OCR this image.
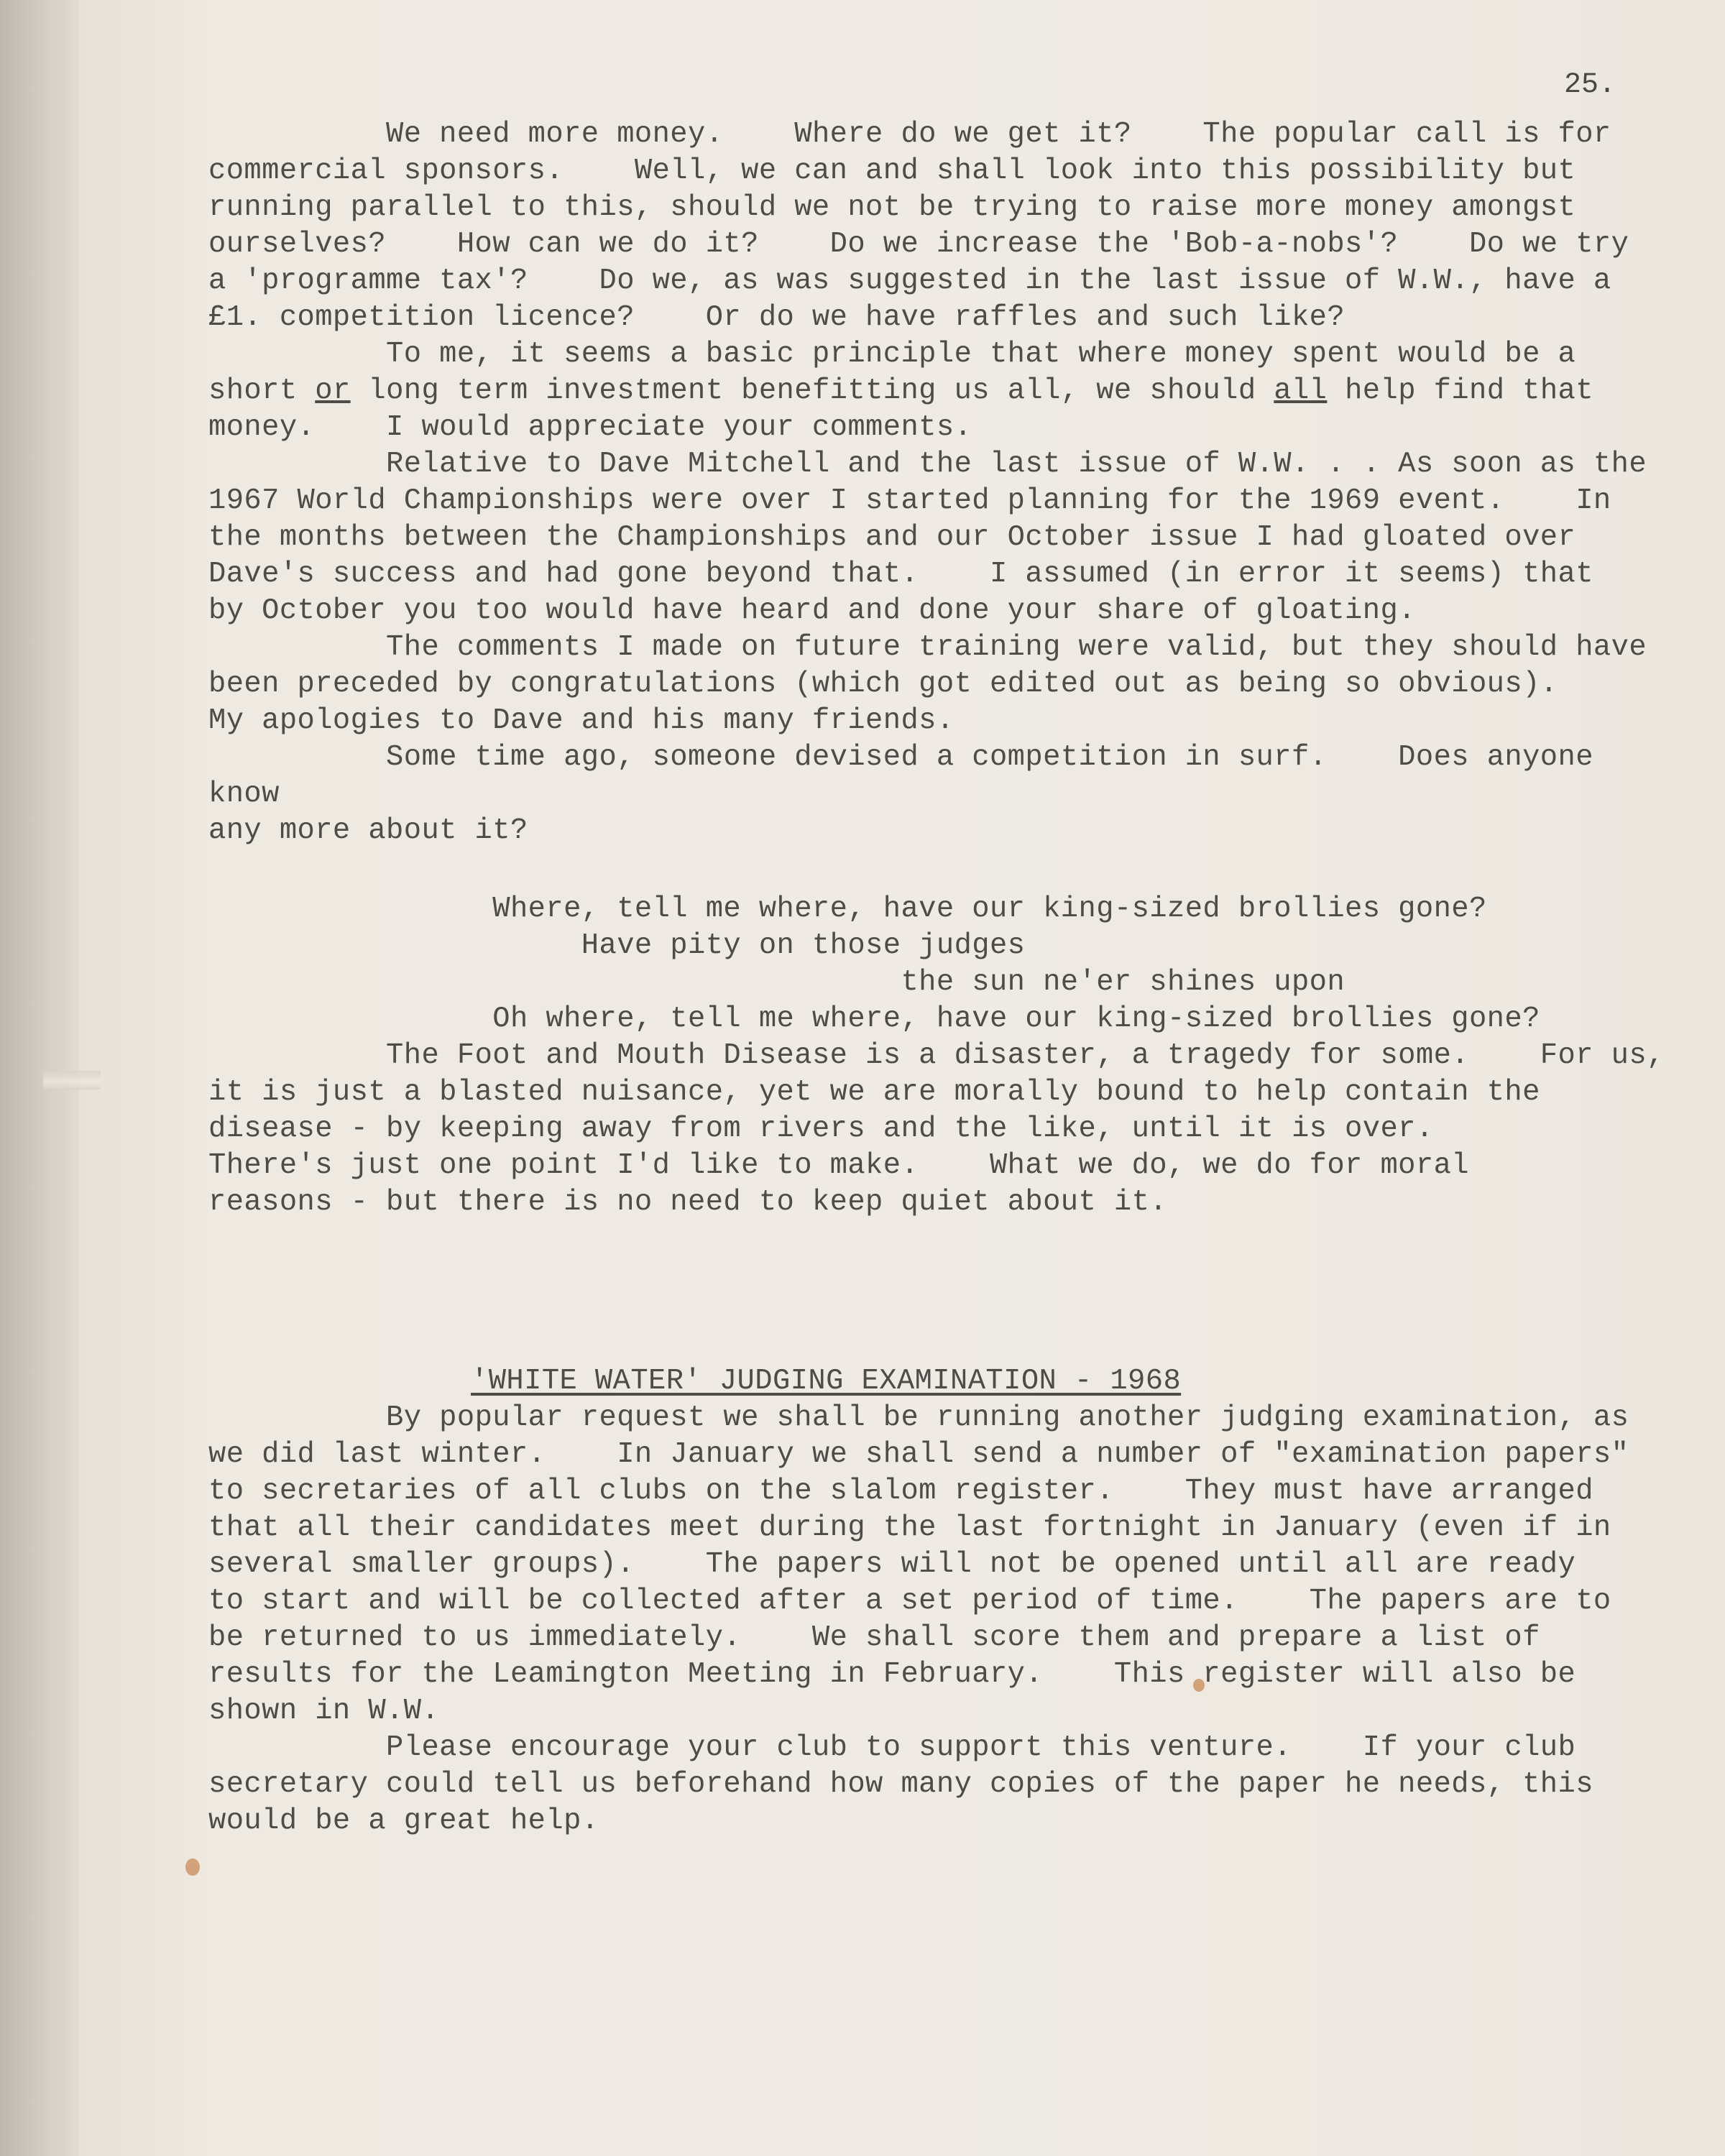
25.

We need more money.    Where do we get it?    The popular call is for
commercial sponsors.    Well, we can and shall look into this possibility but
running parallel to this, should we not be trying to raise more money amongst
ourselves?    How can we do it?    Do we increase the 'Bob-a-nobs'?    Do we try
a 'programme tax'?    Do we, as was suggested in the last issue of W.W., have a
£1. competition licence?    Or do we have raffles and such like?

To me, it seems a basic principle that where money spent would be a
short or long term investment benefitting us all, we should all help find that
money.    I would appreciate your comments.

Relative to Dave Mitchell and the last issue of W.W. . . As soon as the
1967 World Championships were over I started planning for the 1969 event.    In
the months between the Championships and our October issue I had gloated over
Dave's success and had gone beyond that.    I assumed (in error it seems) that
by October you too would have heard and done your share of gloating.

The comments I made on future training were valid, but they should have
been preceded by congratulations (which got edited out as being so obvious).
My apologies to Dave and his many friends.

Some time ago, someone devised a competition in surf.    Does anyone know
any more about it?

Where, tell me where, have our king-sized brollies gone?
Have pity on those judges
the sun ne'er shines upon
Oh where, tell me where, have our king-sized brollies gone?

The Foot and Mouth Disease is a disaster, a tragedy for some.    For us,
it is just a blasted nuisance, yet we are morally bound to help contain the
disease - by keeping away from rivers and the like, until it is over.
There's just one point I'd like to make.    What we do, we do for moral
reasons - but there is no need to keep quiet about it.

'WHITE WATER' JUDGING EXAMINATION - 1968

By popular request we shall be running another judging examination, as
we did last winter.    In January we shall send a number of "examination papers"
to secretaries of all clubs on the slalom register.    They must have arranged
that all their candidates meet during the last fortnight in January (even if in
several smaller groups).    The papers will not be opened until all are ready
to start and will be collected after a set period of time.    The papers are to
be returned to us immediately.    We shall score them and prepare a list of
results for the Leamington Meeting in February.    This register will also be
shown in W.W.

Please encourage your club to support this venture.    If your club
secretary could tell us beforehand how many copies of the paper he needs, this
would be a great help.
